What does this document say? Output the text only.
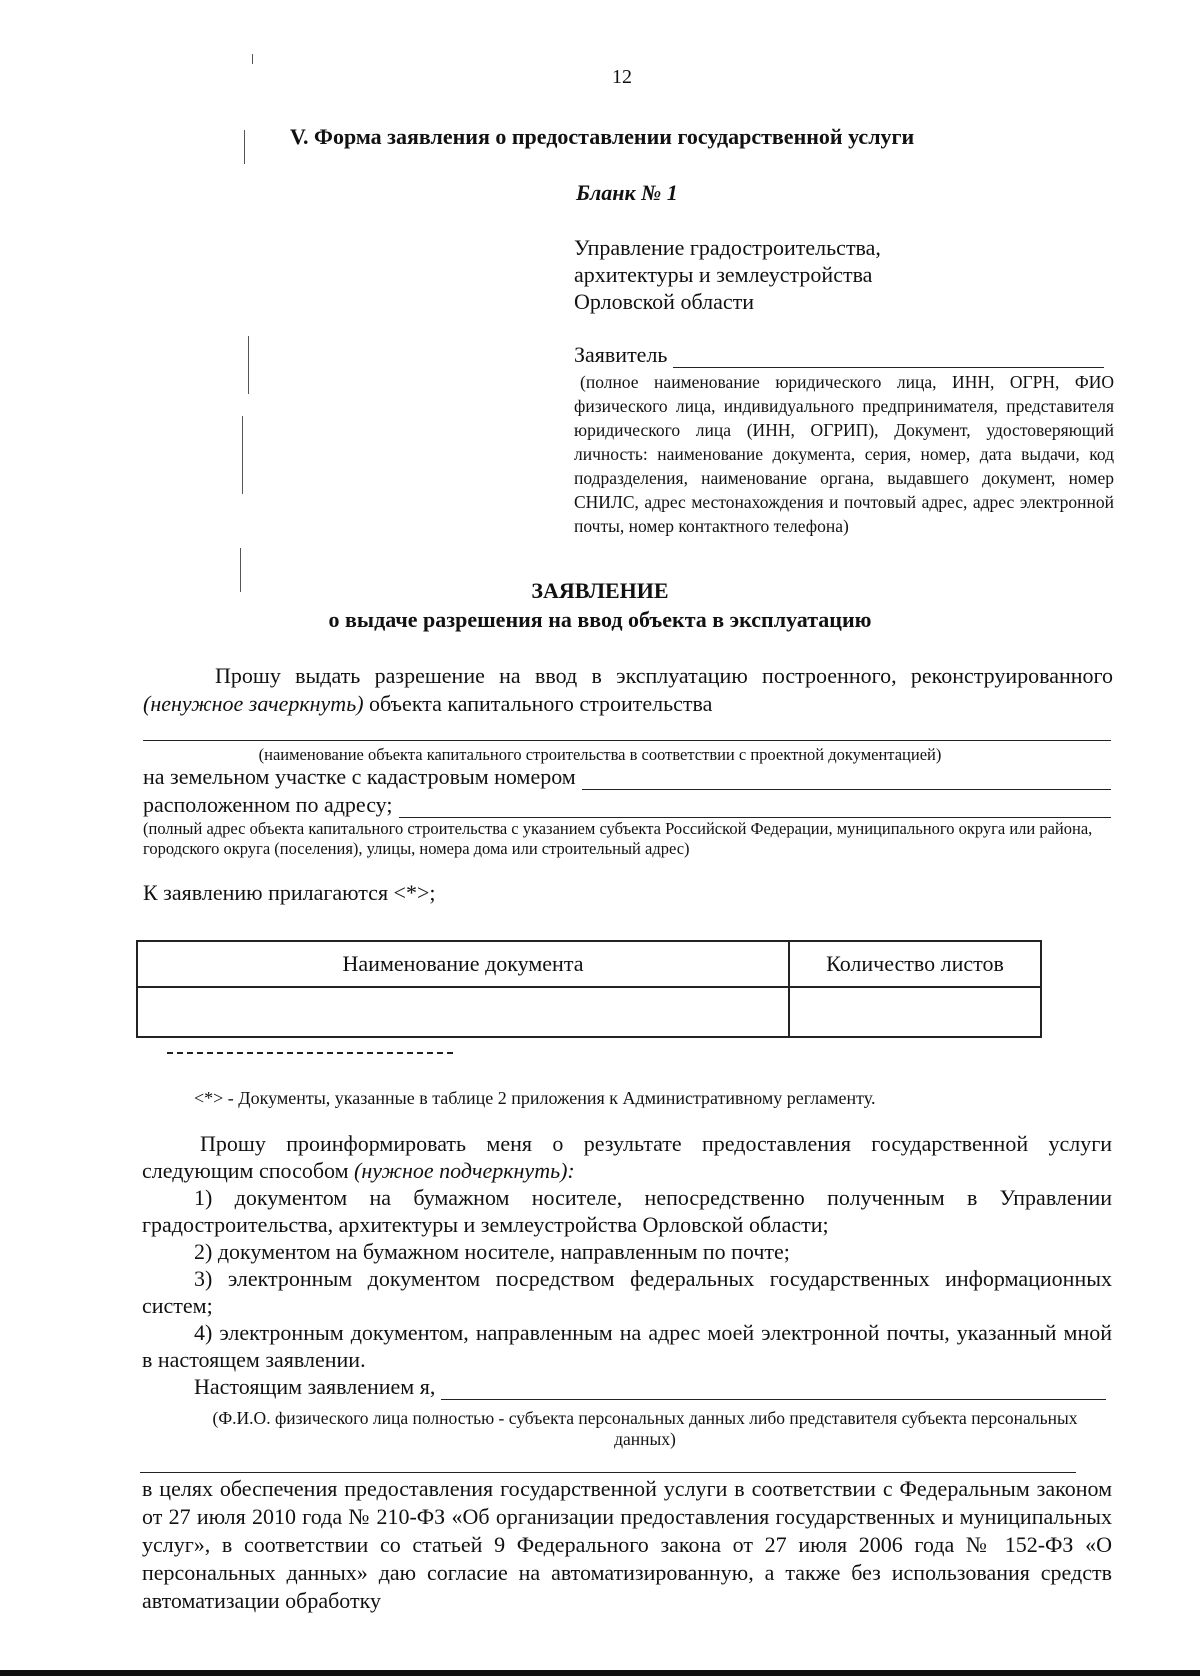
12
V. Форма заявления о предоставлении государственной услуги
Бланк № 1
Управление градостроительства,
архитектуры и землеустройства
Орловской области
Заявитель
(полное наименование юридического лица, ИНН, ОГРН, ФИО физического лица, индивидуального предпринимателя, представителя юридического лица (ИНН, ОГРИП), Документ, удостоверяющий личность: наименование документа, серия, номер, дата выдачи, код подразделения, наименование органа, выдавшего документ, номер СНИЛС, адрес местонахождения и почтовый адрес, адрес электронной почты, номер контактного телефона)
ЗАЯВЛЕНИЕ
о выдаче разрешения на ввод объекта в эксплуатацию
Прошу выдать разрешение на ввод в эксплуатацию построенного, реконструированного (ненужное зачеркнуть) объекта капитального строительства
(наименование объекта капитального строительства в соответствии с проектной документацией)
на земельном участке с кадастровым номером
расположенном по адресу;
(полный адрес объекта капитального строительства с указанием субъекта Российской Федерации, муниципального округа или района, городского округа (поселения), улицы, номера дома или строительный адрес)
К заявлению прилагаются <*>;
Наименование документа	Количество листов

<*> - Документы, указанные в таблице 2 приложения к Административному регламенту.

Прошу проинформировать меня о результате предоставления государственной услуги следующим способом (нужное подчеркнуть):

1) документом на бумажном носителе, непосредственно полученным в Управлении градостроительства, архитектуры и землеустройства Орловской области;

2) документом на бумажном носителе, направленным по почте;

3) электронным документом посредством федеральных государственных информационных систем;

4) электронным документом, направленным на адрес моей электронной почты, указанный мной в настоящем заявлении.

Настоящим заявлением я,
(Ф.И.О. физического лица полностью - субъекта персональных данных либо представителя субъекта персональных данных)
в целях обеспечения предоставления государственной услуги в соответствии с Федеральным законом от 27 июля 2010 года № 210-ФЗ «Об организации предоставления государственных и муниципальных услуг», в соответствии со статьей 9 Федерального закона от 27 июля 2006 года № 152-ФЗ «О персональных данных» даю согласие на автоматизированную, а также без использования средств автоматизации обработку
